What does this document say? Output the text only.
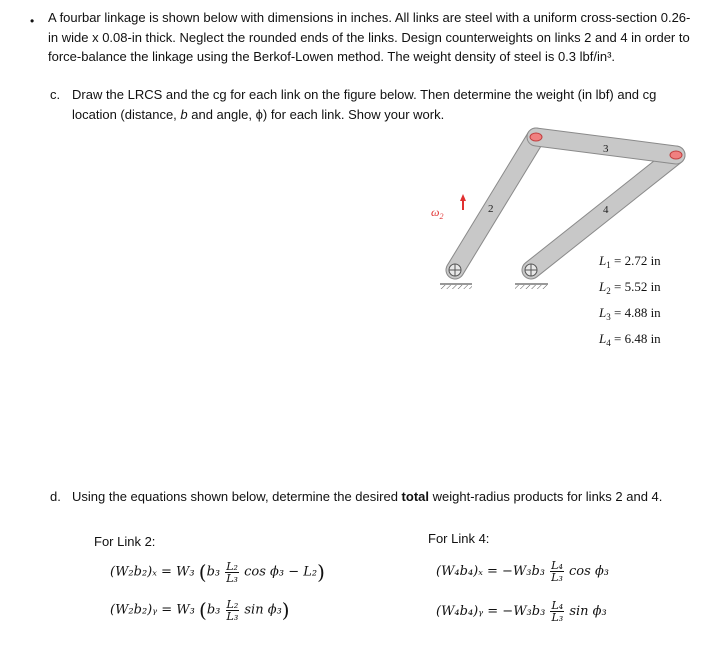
• A fourbar linkage is shown below with dimensions in inches. All links are steel with a uniform cross-section 0.26-in wide x 0.08-in thick. Neglect the rounded ends of the links. Design counterweights on links 2 and 4 in order to force-balance the linkage using the Berkof-Lowen method. The weight density of steel is 0.3 lbf/in³.
c. Draw the LRCS and the cg for each link on the figure below. Then determine the weight (in lbf) and cg
location (distance, b and angle, ϕ) for each link. Show your work.
$\omega_2$
2
3
4
$L_1 = 2.72$ in
$L_2 = 5.52$ in
$L_3 = 4.88$ in
$L_4 = 6.48$ in
d. Using the equations shown below, determine the desired total weight-radius products for links 2 and 4.
For Link 2:
(W₂b₂)ₓ = W₃ ($b_3 \frac{\text{L₂}}{\text{L₃}}$ cos ϕ₃ − L₂)
(W₂b₂)ᵧ = W₃ ($b_3 \frac{\text{L₂}}{\text{L₃}}$ sin ϕ₃)
For Link 4:
$(W_4b_4)_x = -W_3b_3 \frac{\text{L₄}}{\text{L₃}}$ cos ϕ₃
(W₄b₄)ᵧ = $-W_3b_3 \frac{\text{L₄}}{\text{L₃}}$ sin ϕ₃
